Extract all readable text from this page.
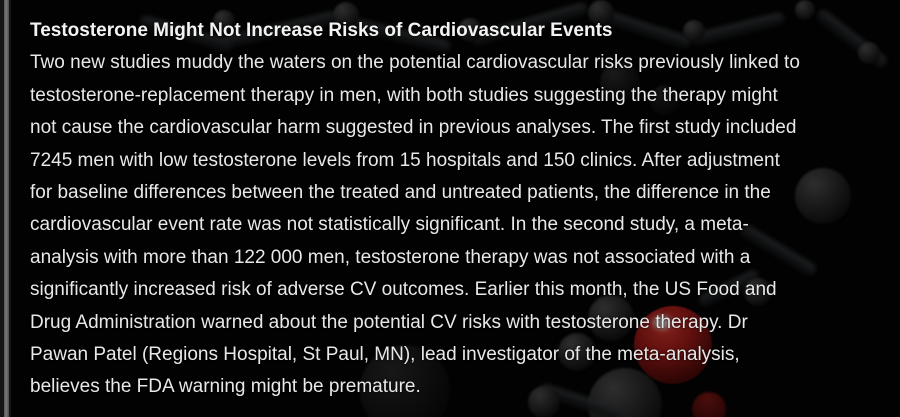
Testosterone Might Not Increase Risks of Cardiovascular Events
Two new studies muddy the waters on the potential cardiovascular risks previously linked to
testosterone-replacement therapy in men, with both studies suggesting the therapy might
not cause the cardiovascular harm suggested in previous analyses. The first study included
7245 men with low testosterone levels from 15 hospitals and 150 clinics. After adjustment
for baseline differences between the treated and untreated patients, the difference in the
cardiovascular event rate was not statistically significant. In the second study, a meta-
analysis with more than 122 000 men, testosterone therapy was not associated with a
significantly increased risk of adverse CV outcomes. Earlier this month, the US Food and
Drug Administration warned about the potential CV risks with testosterone therapy. Dr
Pawan Patel (Regions Hospital, St Paul, MN), lead investigator of the meta-analysis,
believes the FDA warning might be premature.
